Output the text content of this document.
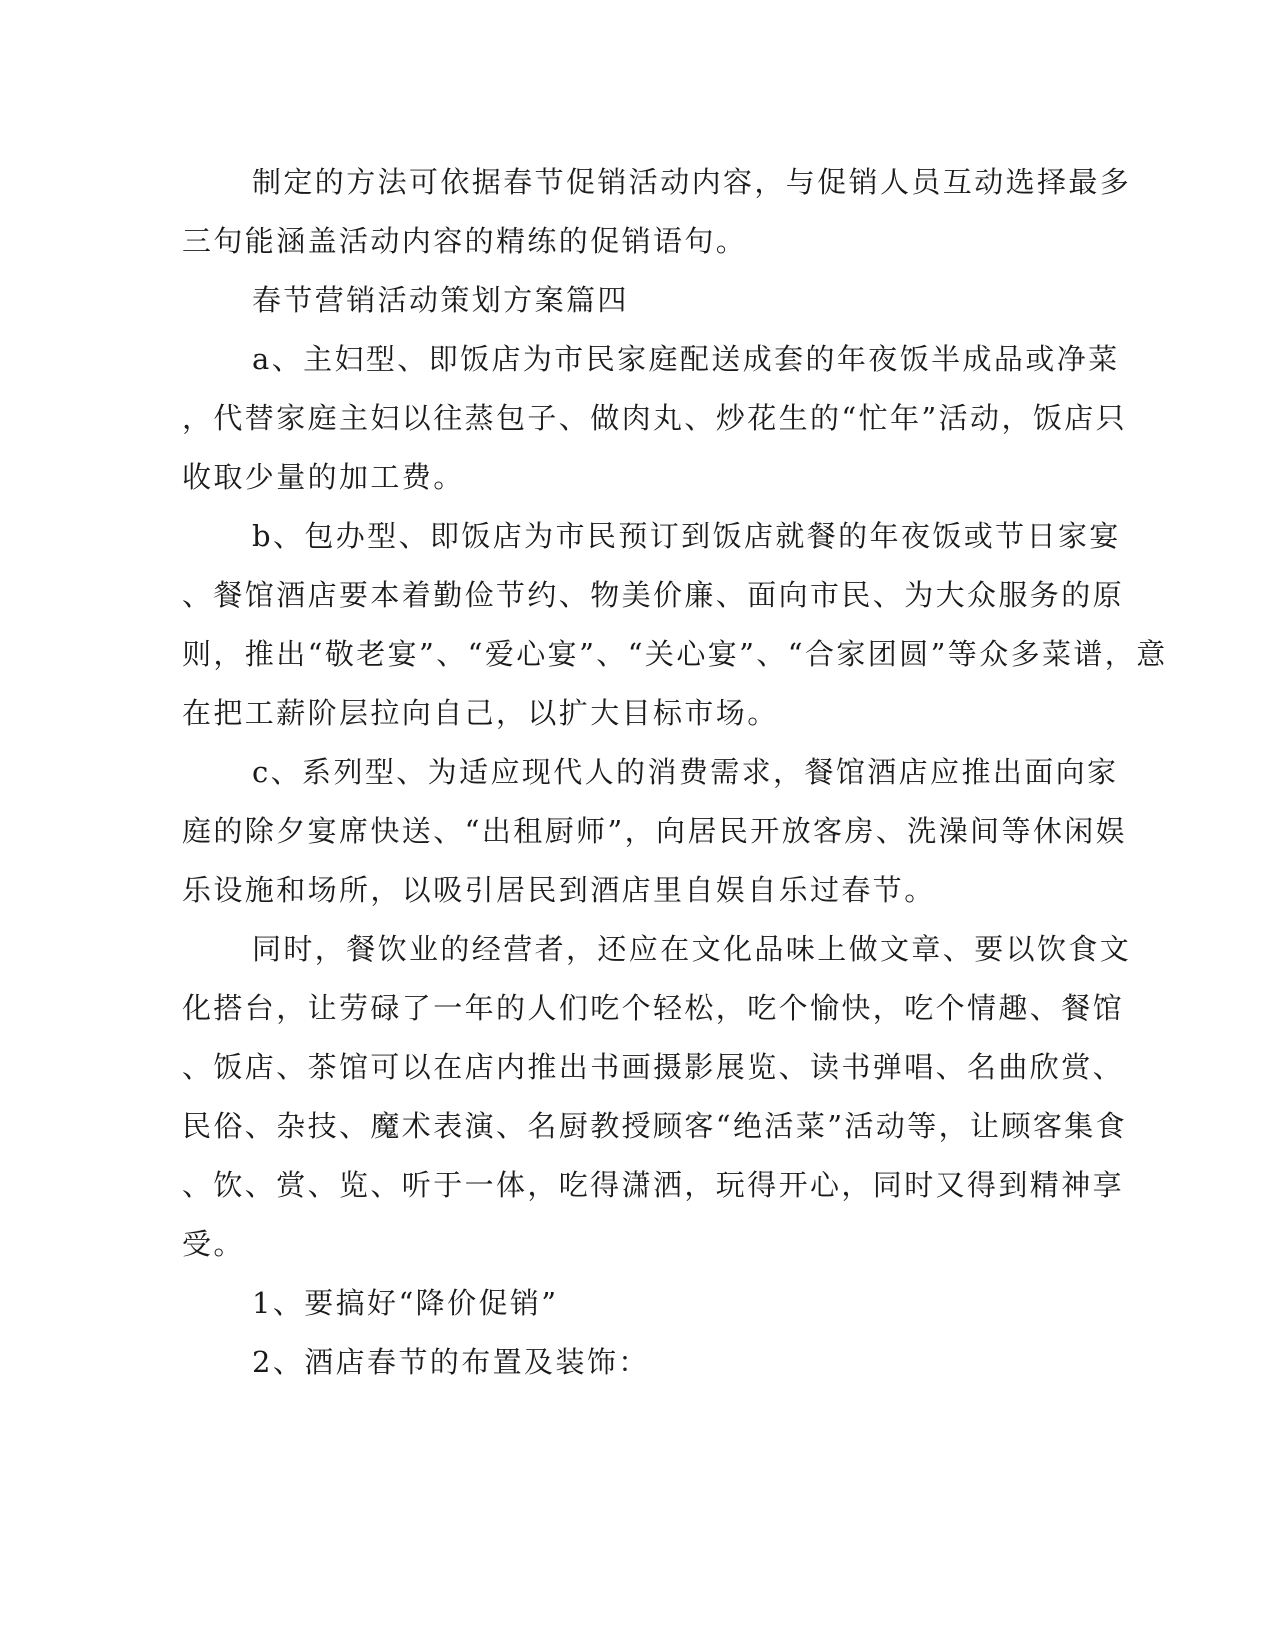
制定的方法可依据春节促销活动内容，与促销人员互动选择最多
三句能涵盖活动内容的精练的促销语句。
春节营销活动策划方案篇四
a、主妇型、即饭店为市民家庭配送成套的年夜饭半成品或净菜
，代替家庭主妇以往蒸包子、做肉丸、炒花生的“忙年”活动，饭店只
收取少量的加工费。
b、包办型、即饭店为市民预订到饭店就餐的年夜饭或节日家宴
、餐馆酒店要本着勤俭节约、物美价廉、面向市民、为大众服务的原
则，推出“敬老宴”、“爱心宴”、“关心宴”、“合家团圆”等众多菜谱，意
在把工薪阶层拉向自己，以扩大目标市场。
c、系列型、为适应现代人的消费需求，餐馆酒店应推出面向家
庭的除夕宴席快送、“出租厨师”，向居民开放客房、洗澡间等休闲娱
乐设施和场所，以吸引居民到酒店里自娱自乐过春节。
同时，餐饮业的经营者，还应在文化品味上做文章、要以饮食文
化搭台，让劳碌了一年的人们吃个轻松，吃个愉快，吃个情趣、餐馆
、饭店、茶馆可以在店内推出书画摄影展览、读书弹唱、名曲欣赏、
民俗、杂技、魔术表演、名厨教授顾客“绝活菜”活动等，让顾客集食
、饮、赏、览、听于一体，吃得潇洒，玩得开心，同时又得到精神享
受。
1、要搞好“降价促销”
2、酒店春节的布置及装饰：
